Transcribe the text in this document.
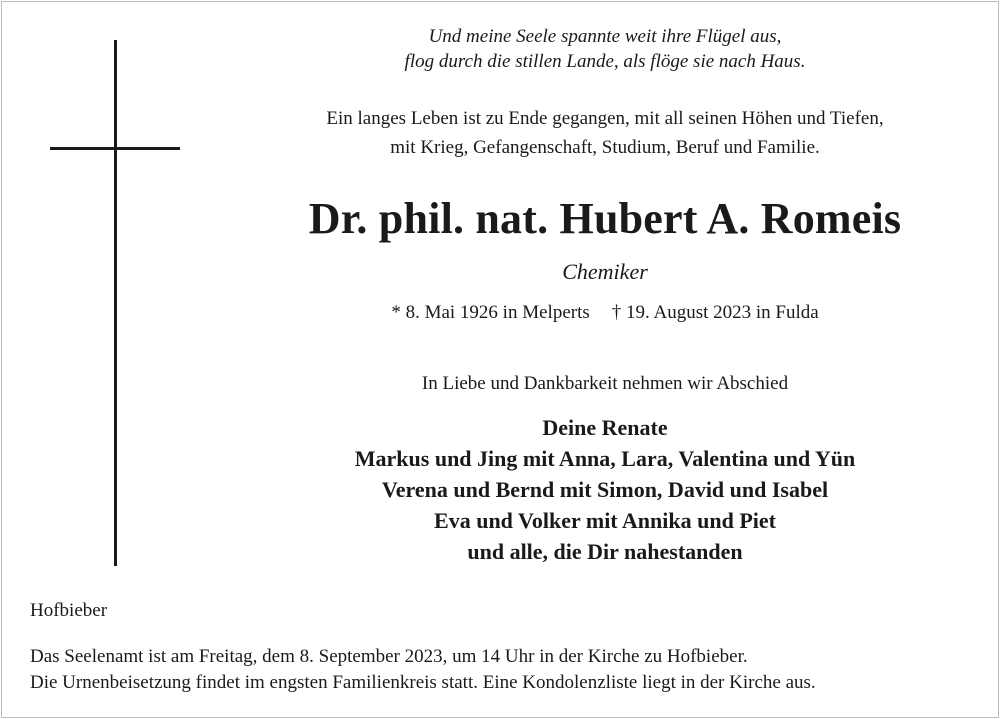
Und meine Seele spannte weit ihre Flügel aus,
flog durch die stillen Lande, als flöge sie nach Haus.
Ein langes Leben ist zu Ende gegangen, mit all seinen Höhen und Tiefen,
mit Krieg, Gefangenschaft, Studium, Beruf und Familie.
Dr. phil. nat. Hubert A. Romeis
Chemiker
* 8. Mai 1926 in Melperts † 19. August 2023 in Fulda
In Liebe und Dankbarkeit nehmen wir Abschied
Deine Renate
Markus und Jing mit Anna, Lara, Valentina und Yün
Verena und Bernd mit Simon, David und Isabel
Eva und Volker mit Annika und Piet
und alle, die Dir nahestanden
Hofbieber
Das Seelenamt ist am Freitag, dem 8. September 2023, um 14 Uhr in der Kirche zu Hofbieber.
Die Urnenbeisetzung findet im engsten Familienkreis statt. Eine Kondolenzliste liegt in der Kirche aus.
